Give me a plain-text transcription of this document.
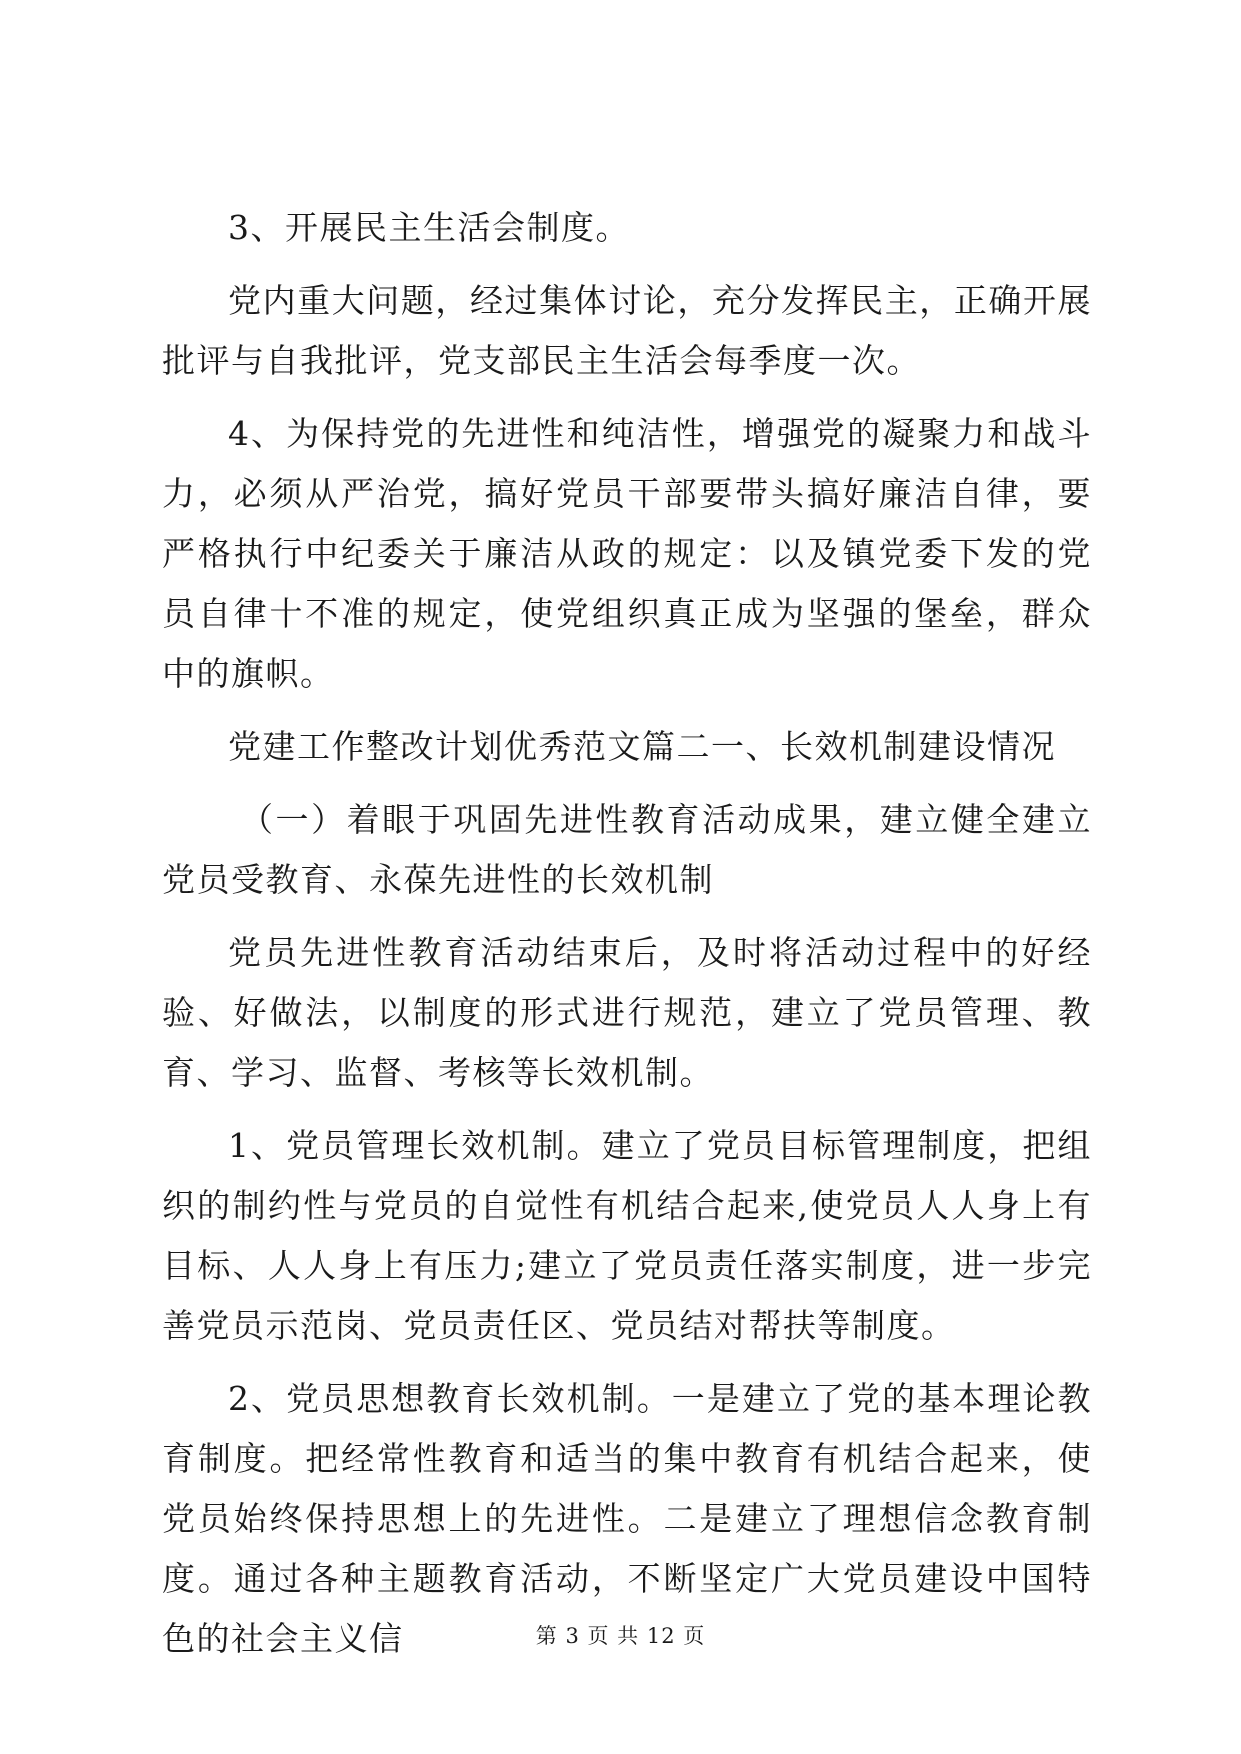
3、开展民主生活会制度。

党内重大问题，经过集体讨论，充分发挥民主，正确开展批评与自我批评，党支部民主生活会每季度一次。

4、为保持党的先进性和纯洁性，增强党的凝聚力和战斗力，必须从严治党，搞好党员干部要带头搞好廉洁自律，要严格执行中纪委关于廉洁从政的规定：以及镇党委下发的党员自律十不准的规定，使党组织真正成为坚强的堡垒，群众中的旗帜。

党建工作整改计划优秀范文篇二一、长效机制建设情况

（一）着眼于巩固先进性教育活动成果，建立健全建立党员受教育、永葆先进性的长效机制

党员先进性教育活动结束后，及时将活动过程中的好经验、好做法，以制度的形式进行规范，建立了党员管理、教育、学习、监督、考核等长效机制。

1、党员管理长效机制。建立了党员目标管理制度，把组织的制约性与党员的自觉性有机结合起来,使党员人人身上有目标、人人身上有压力;建立了党员责任落实制度，进一步完善党员示范岗、党员责任区、党员结对帮扶等制度。

2、党员思想教育长效机制。一是建立了党的基本理论教育制度。把经常性教育和适当的集中教育有机结合起来，使党员始终保持思想上的先进性。二是建立了理想信念教育制度。通过各种主题教育活动，不断坚定广大党员建设中国特色的社会主义信	第 3 页 共 12 页
